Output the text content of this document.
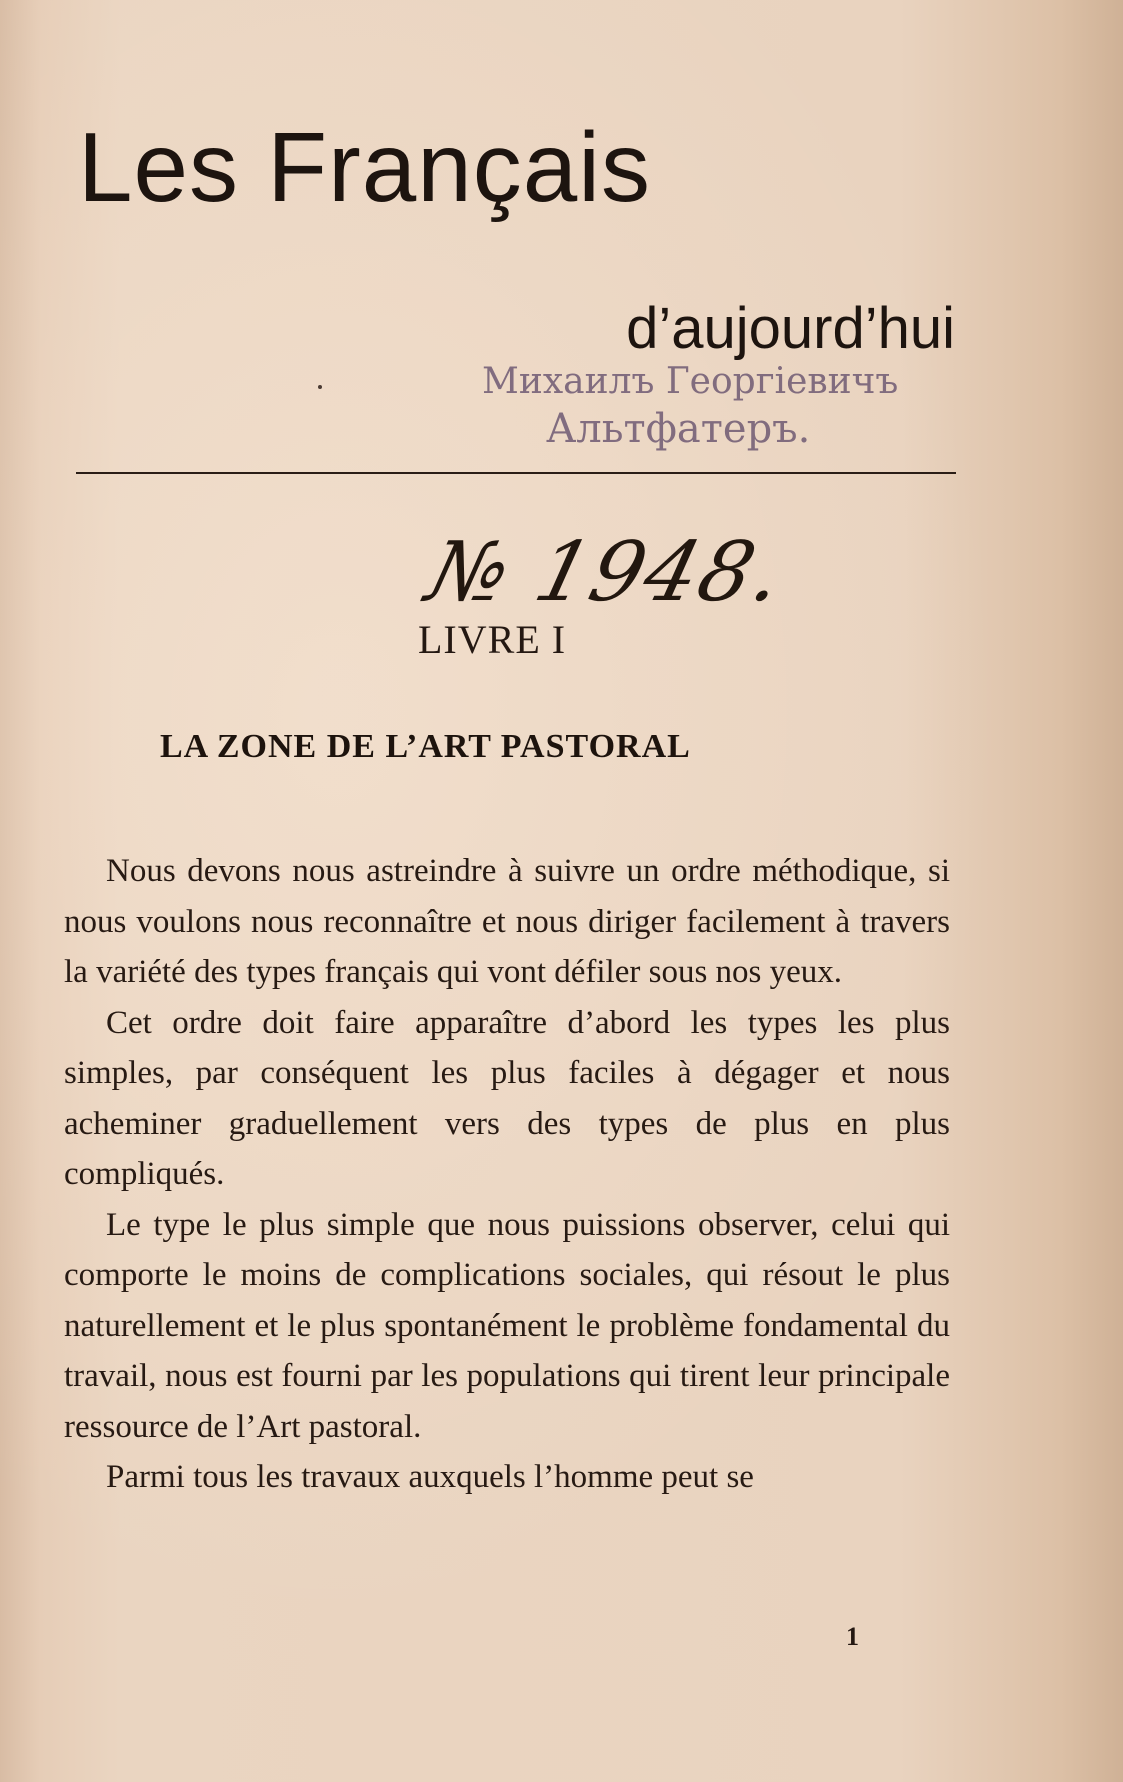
Les Français
d’aujourd’hui
Михаилъ Георгіевичъ
Альтфатеръ.
№ 1948.
LIVRE I
LA ZONE DE L’ART PASTORAL

Nous devons nous astreindre à suivre un ordre méthodique, si nous voulons nous reconnaître et nous diriger facilement à travers la variété des types français qui vont défiler sous nos yeux.

Cet ordre doit faire apparaître d’abord les types les plus simples, par conséquent les plus faciles à dégager et nous acheminer graduellement vers des types de plus en plus compliqués.

Le type le plus simple que nous puissions observer, celui qui comporte le moins de complications sociales, qui résout le plus naturellement et le plus spontanément le problème fondamental du travail, nous est fourni par les populations qui tirent leur principale ressource de l’Art pastoral.

Parmi tous les travaux auxquels l’homme peut se

1
